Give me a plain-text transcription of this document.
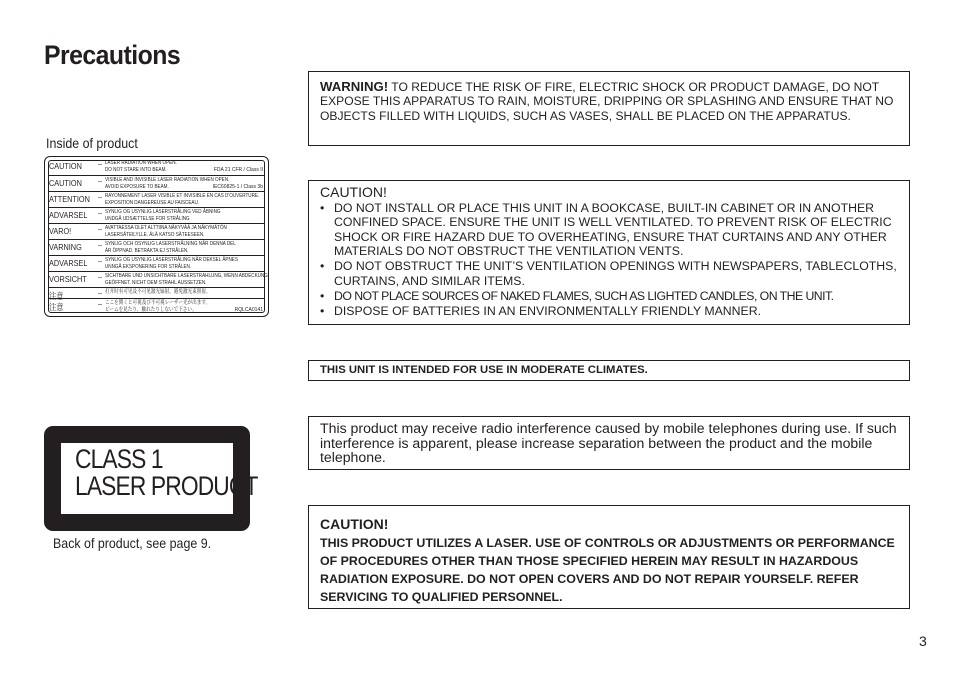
Precautions
WARNING! TO REDUCE THE RISK OF FIRE, ELECTRIC SHOCK OR PRODUCT DAMAGE, DO NOT EXPOSE THIS APPARATUS TO RAIN, MOISTURE, DRIPPING OR SPLASHING AND ENSURE THAT NO OBJECTS FILLED WITH LIQUIDS, SUCH AS VASES, SHALL BE PLACED ON THE APPARATUS.
CAUTION!
• DO NOT INSTALL OR PLACE THIS UNIT IN A BOOKCASE, BUILT-IN CABINET OR IN ANOTHER CONFINED SPACE. ENSURE THE UNIT IS WELL VENTILATED. TO PREVENT RISK OF ELECTRIC SHOCK OR FIRE HAZARD DUE TO OVERHEATING, ENSURE THAT CURTAINS AND ANY OTHER MATERIALS DO NOT OBSTRUCT THE VENTILATION VENTS.
• DO NOT OBSTRUCT THE UNIT’S VENTILATION OPENINGS WITH NEWSPAPERS, TABLECLOTHS, CURTAINS, AND SIMILAR ITEMS.
• DO NOT PLACE SOURCES OF NAKED FLAMES, SUCH AS LIGHTED CANDLES, ON THE UNIT.
• DISPOSE OF BATTERIES IN AN ENVIRONMENTALLY FRIENDLY MANNER.
THIS UNIT IS INTENDED FOR USE IN MODERATE CLIMATES.
This product may receive radio interference caused by mobile telephones during use. If such interference is apparent, please increase separation between the product and the mobile telephone.
CAUTION!
THIS PRODUCT UTILIZES A LASER. USE OF CONTROLS OR ADJUSTMENTS OR PERFORMANCE OF PROCEDURES OTHER THAN THOSE SPECIFIED HEREIN MAY RESULT IN HAZARDOUS RADIATION EXPOSURE. DO NOT OPEN COVERS AND DO NOT REPAIR YOURSELF. REFER SERVICING TO QUALIFIED PERSONNEL.
Inside of product
CAUTION – LASER RADIATION WHEN OPEN.
DO NOT STARE INTO BEAM.	FDA 21 CFR / Class II
CAUTION – VISIBLE AND INVISIBLE LASER RADIATION WHEN OPEN.
AVOID EXPOSURE TO BEAM.	IEC60825-1 / Class 3b
ATTENTION – RAYONNEMENT LASER VISIBLE ET INVISIBLE EN CAS D'OUVERTURE.
EXPOSITION DANGEREUSE AU FAISCEAU.
ADVARSEL – SYNLIG OG USYNLIG LASERSTRÅLING VED ÅBNING
UNDGÅ UDSÆTTELSE FOR STRÅLING
VARO!	– AVATTAESSA OLET ALTTIINA NÄKYVÄÄ JA NÄKYMÄTÖN
LASERSÄTEILYLLE. ÄLÄ KATSO SÄTEESEEN.
VARNING – SYNLIG OCH OSYNLIG LASERSTRÅLNING NÄR DENNA DEL
ÄR ÖPPNAD. BETRAKTA EJ STRÅLEN.
ADVARSEL – SYNLIG OG USYNLIG LASERSTRÅLING NÅR DEKSEL ÅPNES
UNNGÅ EKSPONERING FOR STRÅLEN.
VORSICHT – SICHTBARE UND UNSICHTBARE LASERSTRAHLUNG, WENN ABDECKUNG
GEÖFFNET. NICHT DEM STRAHL AUSSETZEN.
注意	– 打开时有可见及不可见激光辐射。避免激光束照射。
注意	– ここを開くと可視及び不可視レーザー光が出ます。
ビームを見たり、触れたりしないで下さい。	RQLCA0141
CLASS 1
LASER PRODUCT
Back of product, see page 9.
3
